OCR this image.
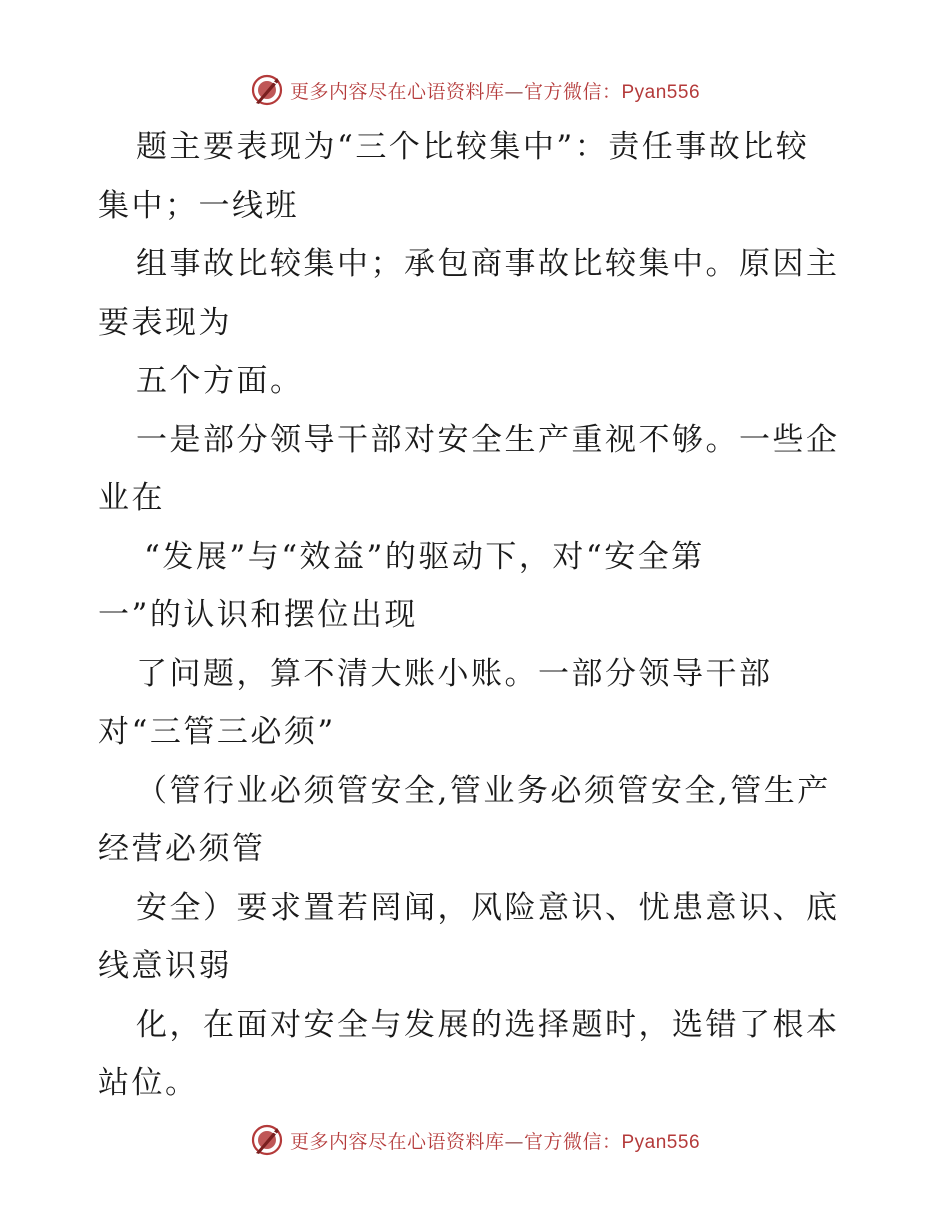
更多内容尽在心语资料库—官方微信：Pyan556
题主要表现为“三个比较集中”：责任事故比较
集中；一线班
组事故比较集中；承包商事故比较集中。原因主
要表现为
五个方面。
一是部分领导干部对安全生产重视不够。一些企
业在
“发展”与“效益”的驱动下，对“安全第
一”的认识和摆位出现
了问题，算不清大账小账。一部分领导干部
对“三管三必须”
（管行业必须管安全,管业务必须管安全,管生产
经营必须管
安全）要求置若罔闻，风险意识、忧患意识、底
线意识弱
化，在面对安全与发展的选择题时，选错了根本
站位。
更多内容尽在心语资料库—官方微信：Pyan556
